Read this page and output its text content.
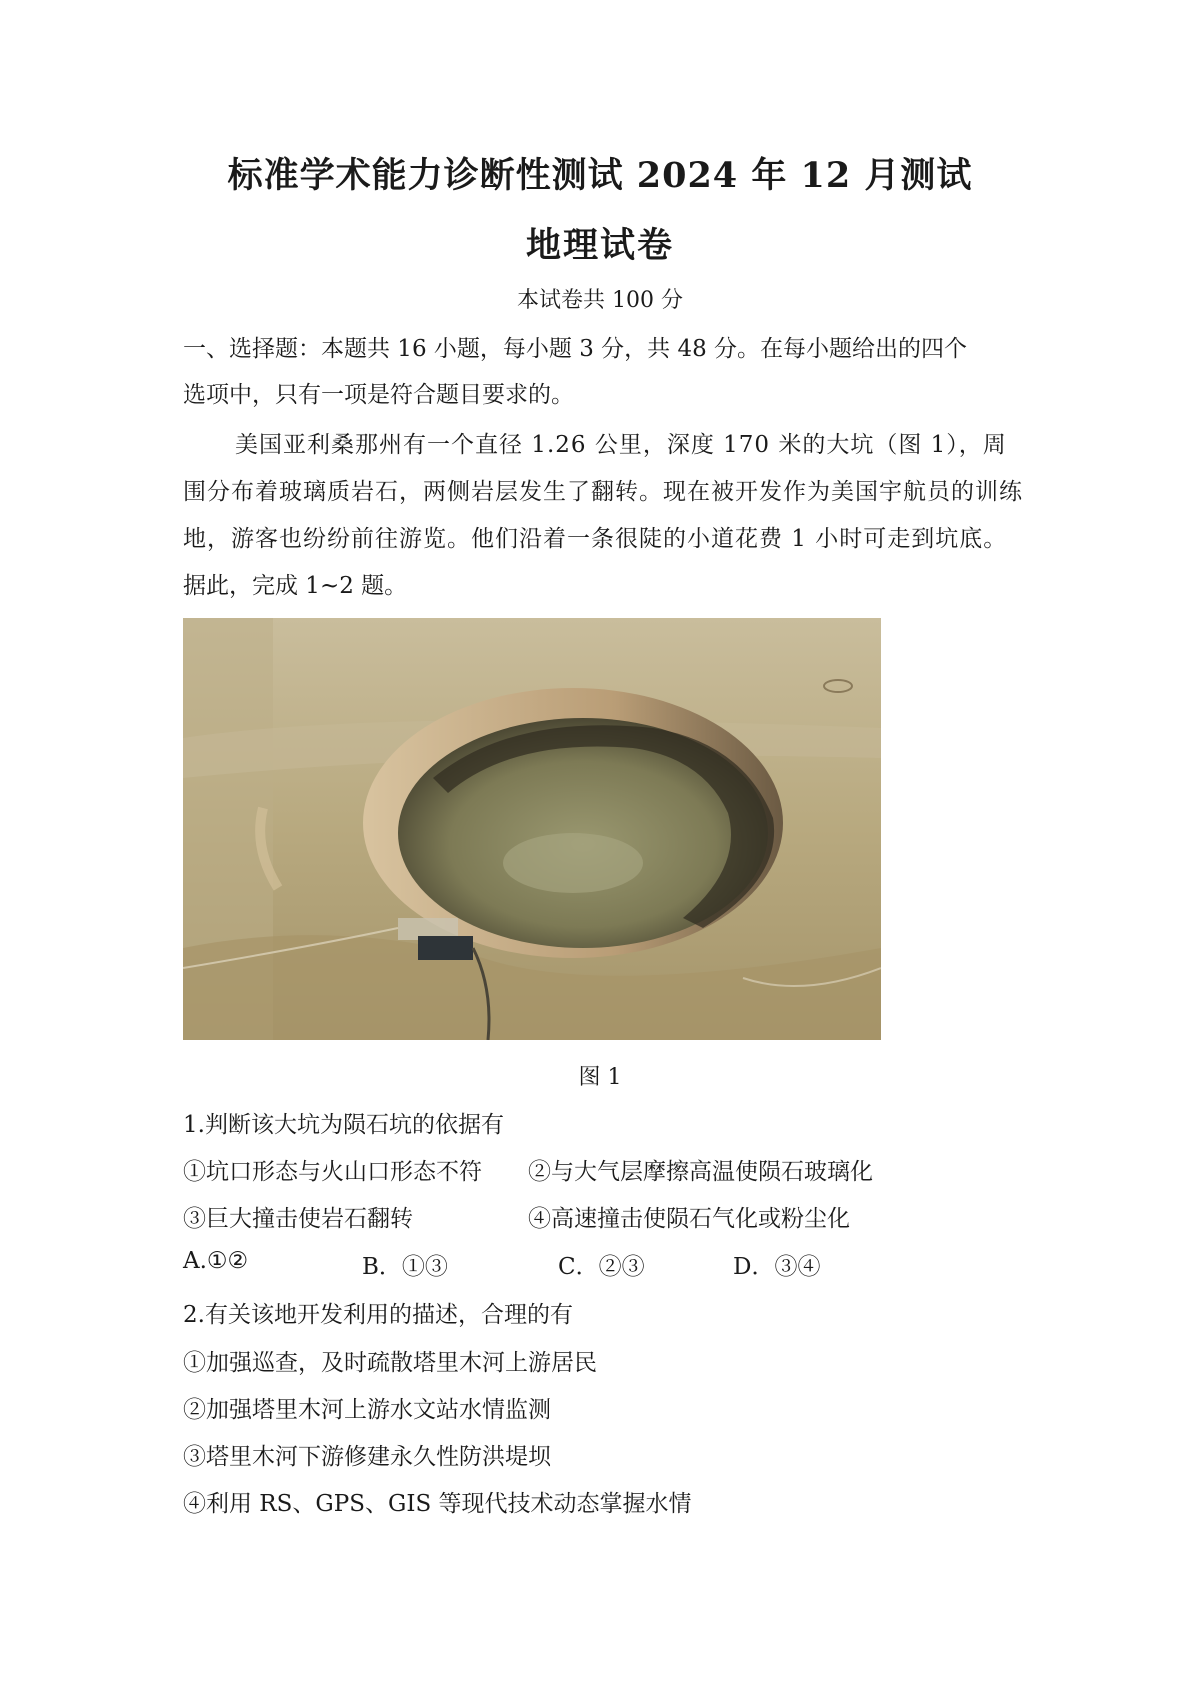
标准学术能力诊断性测试 2024 年 12 月测试
地理试卷
本试卷共 100 分
一、选择题：本题共 16 小题，每小题 3 分，共 48 分。在每小题给出的四个
选项中，只有一项是符合题目要求的。
美国亚利桑那州有一个直径 1.26 公里，深度 170 米的大坑（图 1），周
围分布着玻璃质岩石，两侧岩层发生了翻转。现在被开发作为美国宇航员的训练
地，游客也纷纷前往游览。他们沿着一条很陡的小道花费 1 小时可走到坑底。
据此，完成 1~2 题。
图 1
1.判断该大坑为陨石坑的依据有
①坑口形态与火山口形态不符 ②与大气层摩擦高温使陨石玻璃化
③巨大撞击使岩石翻转	④高速撞击使陨石气化或粉尘化
A.①②	B．①③	C．②③	D．③④
2.有关该地开发利用的描述，合理的有
①加强巡查，及时疏散塔里木河上游居民
②加强塔里木河上游水文站水情监测
③塔里木河下游修建永久性防洪堤坝
④利用 RS、GPS、GIS 等现代技术动态掌握水情
